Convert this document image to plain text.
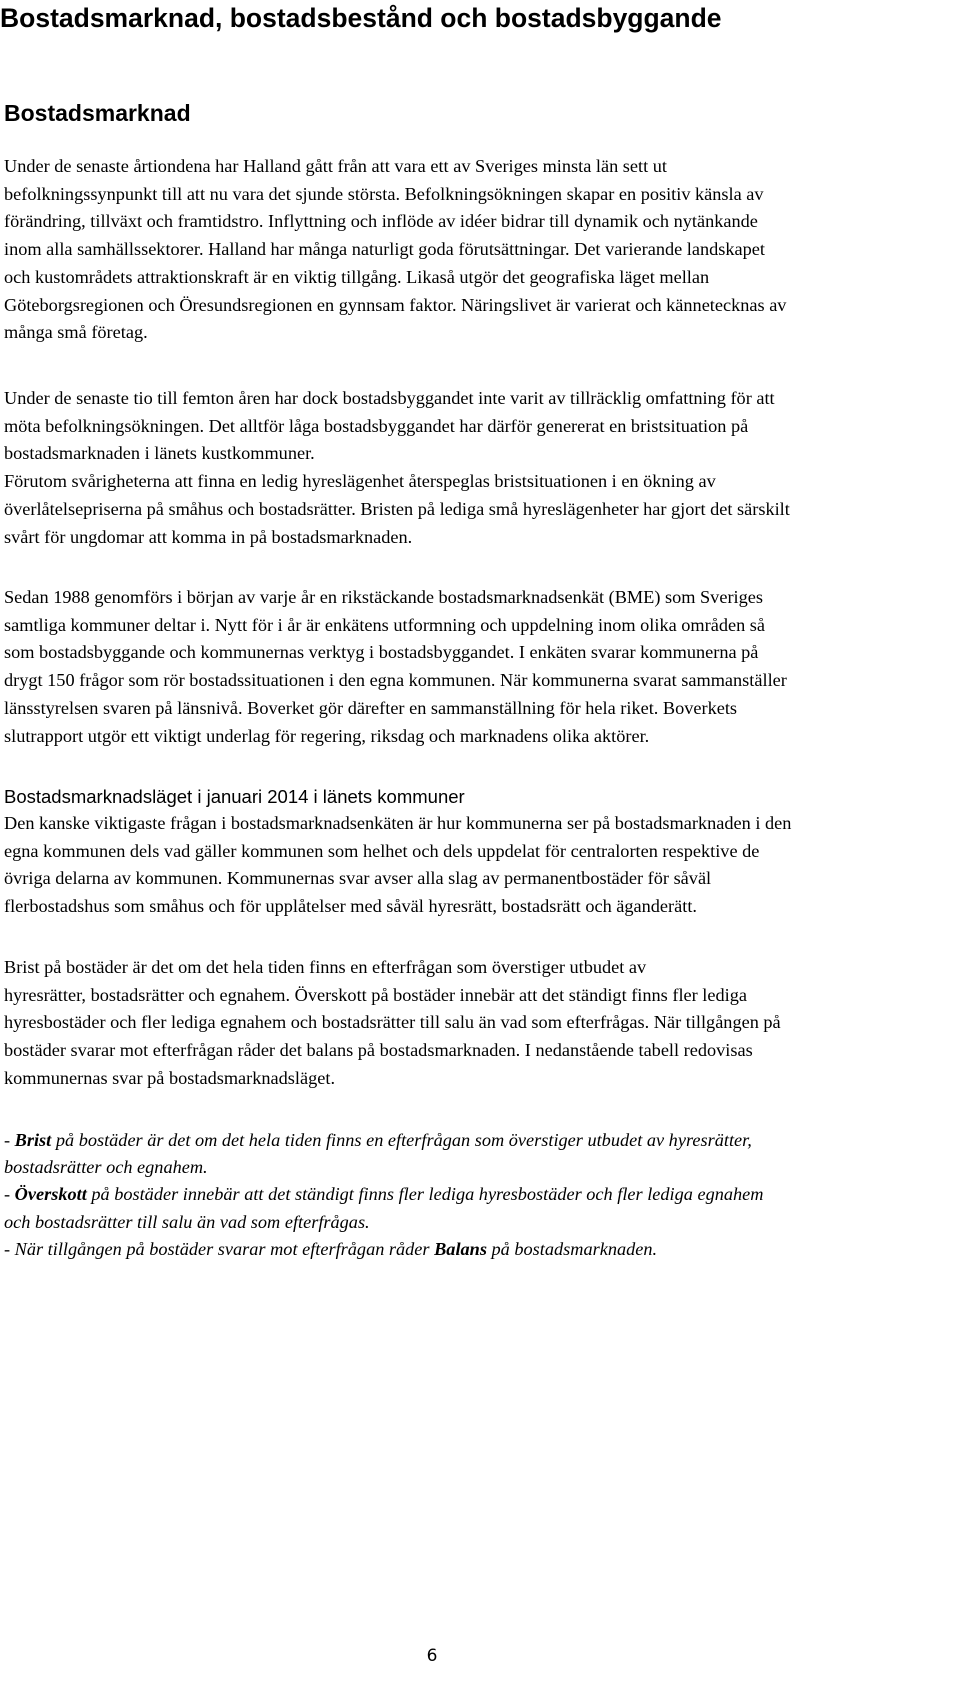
Bostadsmarknad, bostadsbestånd och bostadsbyggande
Bostadsmarknad
Under de senaste årtiondena har Halland gått från att vara ett av Sveriges minsta län sett ut
befolkningssynpunkt till att nu vara det sjunde största. Befolkningsökningen skapar en positiv känsla av
förändring, tillväxt och framtidstro. Inflyttning och inflöde av idéer bidrar till dynamik och nytänkande
inom alla samhällssektorer. Halland har många naturligt goda förutsättningar. Det varierande landskapet
och kustområdets attraktionskraft är en viktig tillgång. Likaså utgör det geografiska läget mellan
Göteborgsregionen och Öresundsregionen en gynnsam faktor. Näringslivet är varierat och kännetecknas av
många små företag.
Under de senaste tio till femton åren har dock bostadsbyggandet inte varit av tillräcklig omfattning för att
möta befolkningsökningen. Det alltför låga bostadsbyggandet har därför genererat en bristsituation på
bostadsmarknaden i länets kustkommuner.
Förutom svårigheterna att finna en ledig hyreslägenhet återspeglas bristsituationen i en ökning av
överlåtelsepriserna på småhus och bostadsrätter. Bristen på lediga små hyreslägenheter har gjort det särskilt
svårt för ungdomar att komma in på bostadsmarknaden.
Sedan 1988 genomförs i början av varje år en rikstäckande bostadsmarknadsenkät (BME) som Sveriges
samtliga kommuner deltar i. Nytt för i år är enkätens utformning och uppdelning inom olika områden så
som bostadsbyggande och kommunernas verktyg i bostadsbyggandet. I enkäten svarar kommunerna på
drygt 150 frågor som rör bostadssituationen i den egna kommunen. När kommunerna svarat sammanställer
länsstyrelsen svaren på länsnivå. Boverket gör därefter en sammanställning för hela riket. Boverkets
slutrapport utgör ett viktigt underlag för regering, riksdag och marknadens olika aktörer.
Bostadsmarknadsläget i januari 2014 i länets kommuner
Den kanske viktigaste frågan i bostadsmarknadsenkäten är hur kommunerna ser på bostadsmarknaden i den
egna kommunen dels vad gäller kommunen som helhet och dels uppdelat för centralorten respektive de
övriga delarna av kommunen. Kommunernas svar avser alla slag av permanentbostäder för såväl
flerbostadshus som småhus och för upplåtelser med såväl hyresrätt, bostadsrätt och äganderätt.
Brist på bostäder är det om det hela tiden finns en efterfrågan som överstiger utbudet av
hyresrätter, bostadsrätter och egnahem. Överskott på bostäder innebär att det ständigt finns fler lediga
hyresbostäder och fler lediga egnahem och bostadsrätter till salu än vad som efterfrågas. När tillgången på
bostäder svarar mot efterfrågan råder det balans på bostadsmarknaden. I nedanstående tabell redovisas
kommunernas svar på bostadsmarknadsläget.
- Brist på bostäder är det om det hela tiden finns en efterfrågan som överstiger utbudet av hyresrätter,
bostadsrätter och egnahem.
- Överskott på bostäder innebär att det ständigt finns fler lediga hyresbostäder och fler lediga egnahem
och bostadsrätter till salu än vad som efterfrågas.
- När tillgången på bostäder svarar mot efterfrågan råder Balans på bostadsmarknaden.
6
